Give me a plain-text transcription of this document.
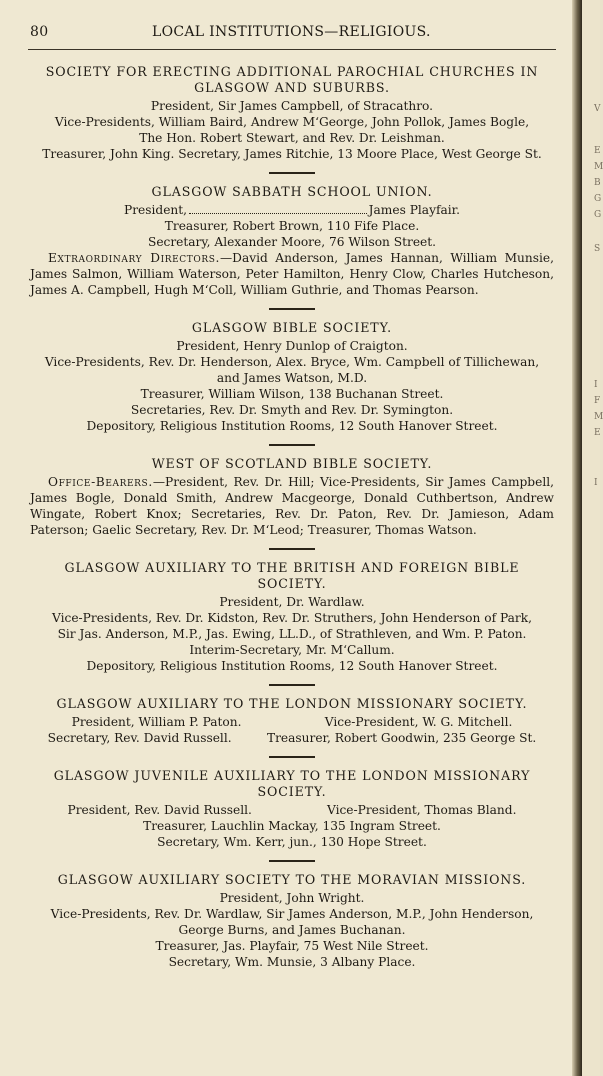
80	LOCAL INSTITUTIONS—RELIGIOUS.
SOCIETY FOR ERECTING ADDITIONAL PAROCHIAL CHURCHES IN GLASGOW AND SUBURBS.
President, Sir James Campbell, of Stracathro.
Vice-Presidents, William Baird, Andrew M‘George, John Pollok, James Bogle,
The Hon. Robert Stewart, and Rev. Dr. Leishman.
Treasurer, John King. Secretary, James Ritchie, 13 Moore Place, West George St.
GLASGOW SABBATH SCHOOL UNION.
President,	James Playfair.
Treasurer, Robert Brown, 110 Fife Place.
Secretary, Alexander Moore, 76 Wilson Street.
Extraordinary Directors.—David Anderson, James Hannan, William Munsie, James Salmon, William Waterson, Peter Hamilton, Henry Clow, Charles Hutcheson, James A. Campbell, Hugh M‘Coll, William Guthrie, and Thomas Pearson.
GLASGOW BIBLE SOCIETY.
President, Henry Dunlop of Craigton.
Vice-Presidents, Rev. Dr. Henderson, Alex. Bryce, Wm. Campbell of Tillichewan,
and James Watson, M.D.
Treasurer, William Wilson, 138 Buchanan Street.
Secretaries, Rev. Dr. Smyth and Rev. Dr. Symington.
Depository, Religious Institution Rooms, 12 South Hanover Street.
WEST OF SCOTLAND BIBLE SOCIETY.
Office-Bearers.—President, Rev. Dr. Hill; Vice-Presidents, Sir James Campbell, James Bogle, Donald Smith, Andrew Macgeorge, Donald Cuthbertson, Andrew Wingate, Robert Knox; Secretaries, Rev. Dr. Paton, Rev. Dr. Jamieson, Adam Paterson; Gaelic Secretary, Rev. Dr. M‘Leod; Treasurer, Thomas Watson.
GLASGOW AUXILIARY TO THE BRITISH AND FOREIGN BIBLE SOCIETY.
President, Dr. Wardlaw.
Vice-Presidents, Rev. Dr. Kidston, Rev. Dr. Struthers, John Henderson of Park,
Sir Jas. Anderson, M.P., Jas. Ewing, LL.D., of Strathleven, and Wm. P. Paton.
Interim-Secretary, Mr. M‘Callum.
Depository, Religious Institution Rooms, 12 South Hanover Street.
GLASGOW AUXILIARY TO THE LONDON MISSIONARY SOCIETY.
President, William P. Paton.	Vice-President, W. G. Mitchell.
Secretary, Rev. David Russell.	Treasurer, Robert Goodwin, 235 George St.
GLASGOW JUVENILE AUXILIARY TO THE LONDON MISSIONARY SOCIETY.
President, Rev. David Russell.	Vice-President, Thomas Bland.
Treasurer, Lauchlin Mackay, 135 Ingram Street.
Secretary, Wm. Kerr, jun., 130 Hope Street.
GLASGOW AUXILIARY SOCIETY TO THE MORAVIAN MISSIONS.
President, John Wright.
Vice-Presidents, Rev. Dr. Wardlaw, Sir James Anderson, M.P., John Henderson,
George Burns, and James Buchanan.
Treasurer, Jas. Playfair, 75 West Nile Street.
Secretary, Wm. Munsie, 3 Albany Place.
V
E
M
B
G
G
S
I
F
M
E
I
